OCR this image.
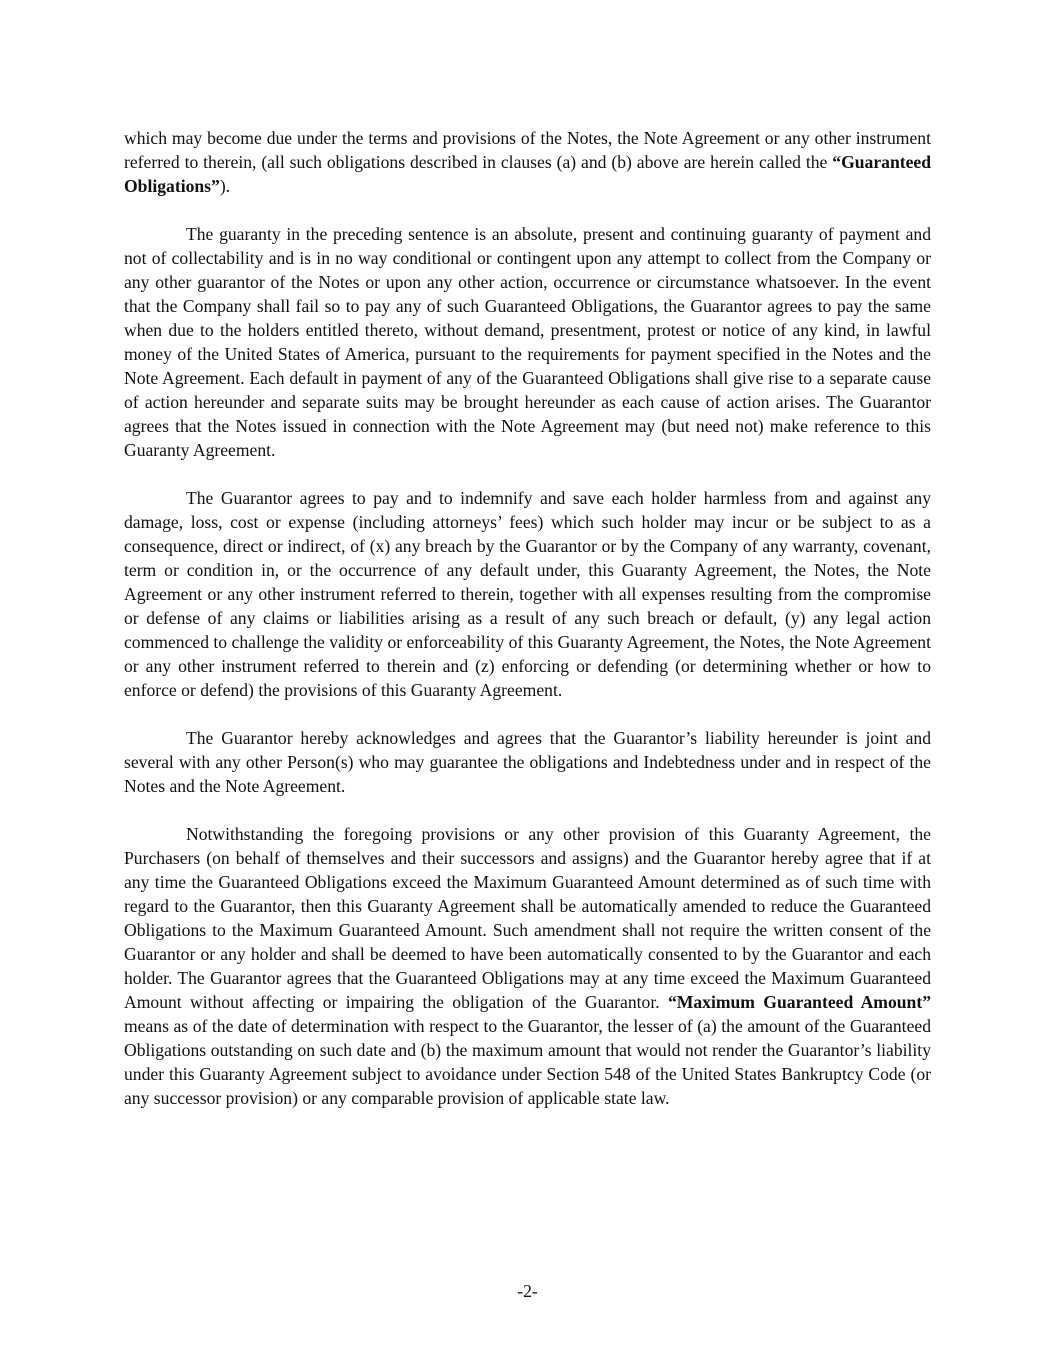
which may become due under the terms and provisions of the Notes, the Note Agreement or any other instrument referred to therein, (all such obligations described in clauses (a) and (b) above are herein called the “Guaranteed Obligations”).

The guaranty in the preceding sentence is an absolute, present and continuing guaranty of payment and not of collectability and is in no way conditional or contingent upon any attempt to collect from the Company or any other guarantor of the Notes or upon any other action, occurrence or circumstance whatsoever. In the event that the Company shall fail so to pay any of such Guaranteed Obligations, the Guarantor agrees to pay the same when due to the holders entitled thereto, without demand, presentment, protest or notice of any kind, in lawful money of the United States of America, pursuant to the requirements for payment specified in the Notes and the Note Agreement. Each default in payment of any of the Guaranteed Obligations shall give rise to a separate cause of action hereunder and separate suits may be brought hereunder as each cause of action arises. The Guarantor agrees that the Notes issued in connection with the Note Agreement may (but need not) make reference to this Guaranty Agreement.

The Guarantor agrees to pay and to indemnify and save each holder harmless from and against any damage, loss, cost or expense (including attorneys’ fees) which such holder may incur or be subject to as a consequence, direct or indirect, of (x) any breach by the Guarantor or by the Company of any warranty, covenant, term or condition in, or the occurrence of any default under, this Guaranty Agreement, the Notes, the Note Agreement or any other instrument referred to therein, together with all expenses resulting from the compromise or defense of any claims or liabilities arising as a result of any such breach or default, (y) any legal action commenced to challenge the validity or enforceability of this Guaranty Agreement, the Notes, the Note Agreement or any other instrument referred to therein and (z) enforcing or defending (or determining whether or how to enforce or defend) the provisions of this Guaranty Agreement.

The Guarantor hereby acknowledges and agrees that the Guarantor’s liability hereunder is joint and several with any other Person(s) who may guarantee the obligations and Indebtedness under and in respect of the Notes and the Note Agreement.

Notwithstanding the foregoing provisions or any other provision of this Guaranty Agreement, the Purchasers (on behalf of themselves and their successors and assigns) and the Guarantor hereby agree that if at any time the Guaranteed Obligations exceed the Maximum Guaranteed Amount determined as of such time with regard to the Guarantor, then this Guaranty Agreement shall be automatically amended to reduce the Guaranteed Obligations to the Maximum Guaranteed Amount. Such amendment shall not require the written consent of the Guarantor or any holder and shall be deemed to have been automatically consented to by the Guarantor and each holder. The Guarantor agrees that the Guaranteed Obligations may at any time exceed the Maximum Guaranteed Amount without affecting or impairing the obligation of the Guarantor. “Maximum Guaranteed Amount” means as of the date of determination with respect to the Guarantor, the lesser of (a) the amount of the Guaranteed Obligations outstanding on such date and (b) the maximum amount that would not render the Guarantor’s liability under this Guaranty Agreement subject to avoidance under Section 548 of the United States Bankruptcy Code (or any successor provision) or any comparable provision of applicable state law.

-2-
